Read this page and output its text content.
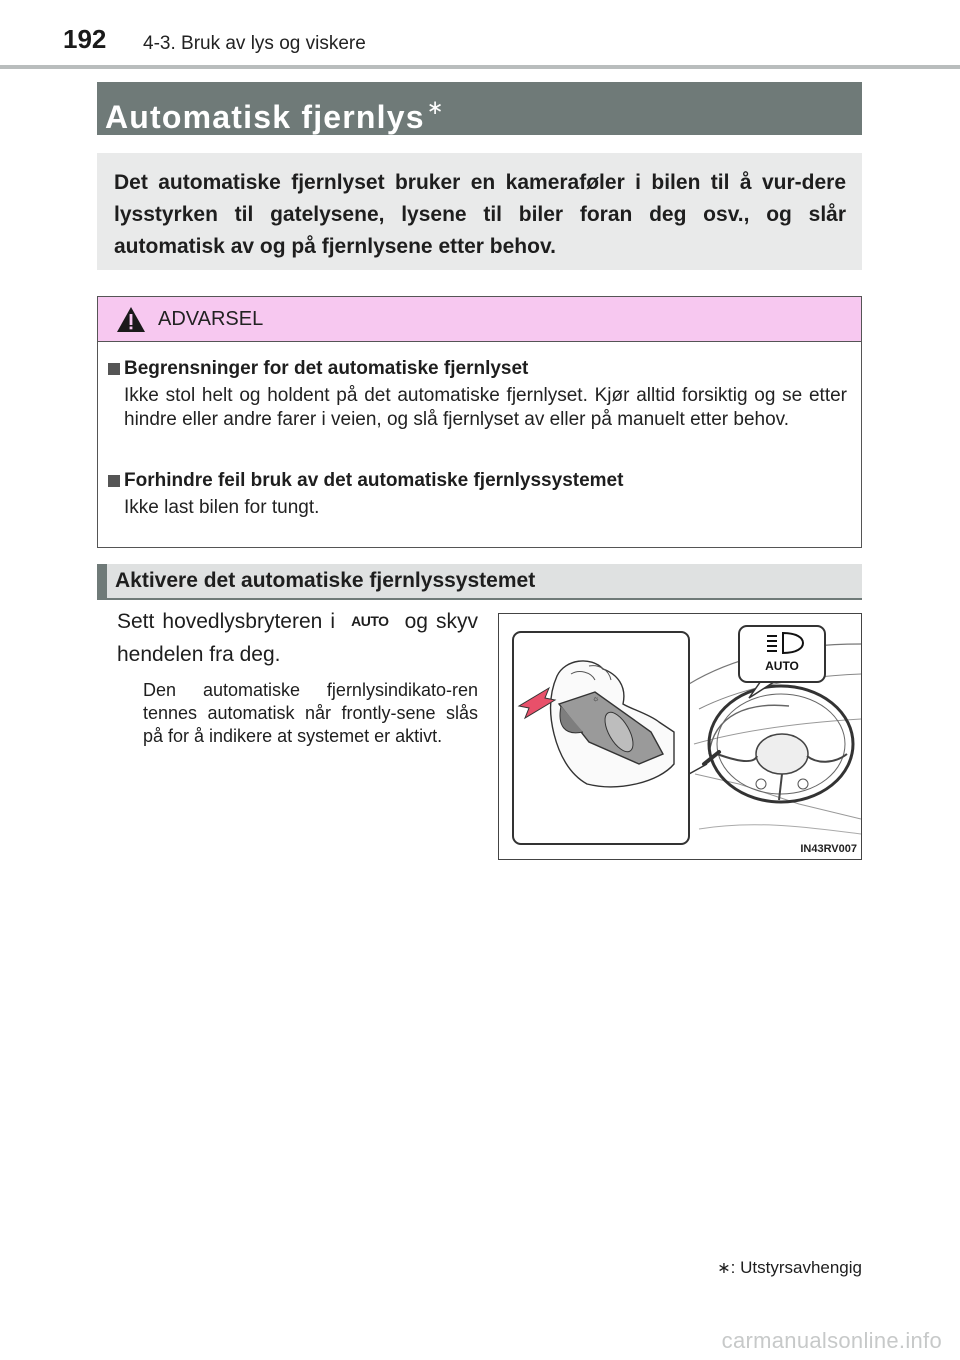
192 4-3. Bruk av lys og viskere
Automatisk fjernlys ∗

Det automatiske fjernlyset bruker en kameraføler i bilen til å vur-dere lysstyrken til gatelysene, lysene til biler foran deg osv., og slår automatisk av og på fjernlysene etter behov.

ADVARSEL
Begrensninger for det automatiske fjernlyset
Ikke stol helt og holdent på det automatiske fjernlyset. Kjør alltid forsiktig og se etter hindre eller andre farer i veien, og slå fjernlyset av eller på manuelt etter behov.
Forhindre feil bruk av det automatiske fjernlyssystemet
Ikke last bilen for tungt.
Aktivere det automatiske fjernlyssystemet
Sett hovedlysbryteren i AUTO og skyv hendelen fra deg.
Den automatiske fjernlysindikato-ren tennes automatisk når frontly-sene slås på for å indikere at systemet er aktivt.
☼
AUTO
IN43RV007
∗: Utstyrsavhengig
carmanualsonline.info
